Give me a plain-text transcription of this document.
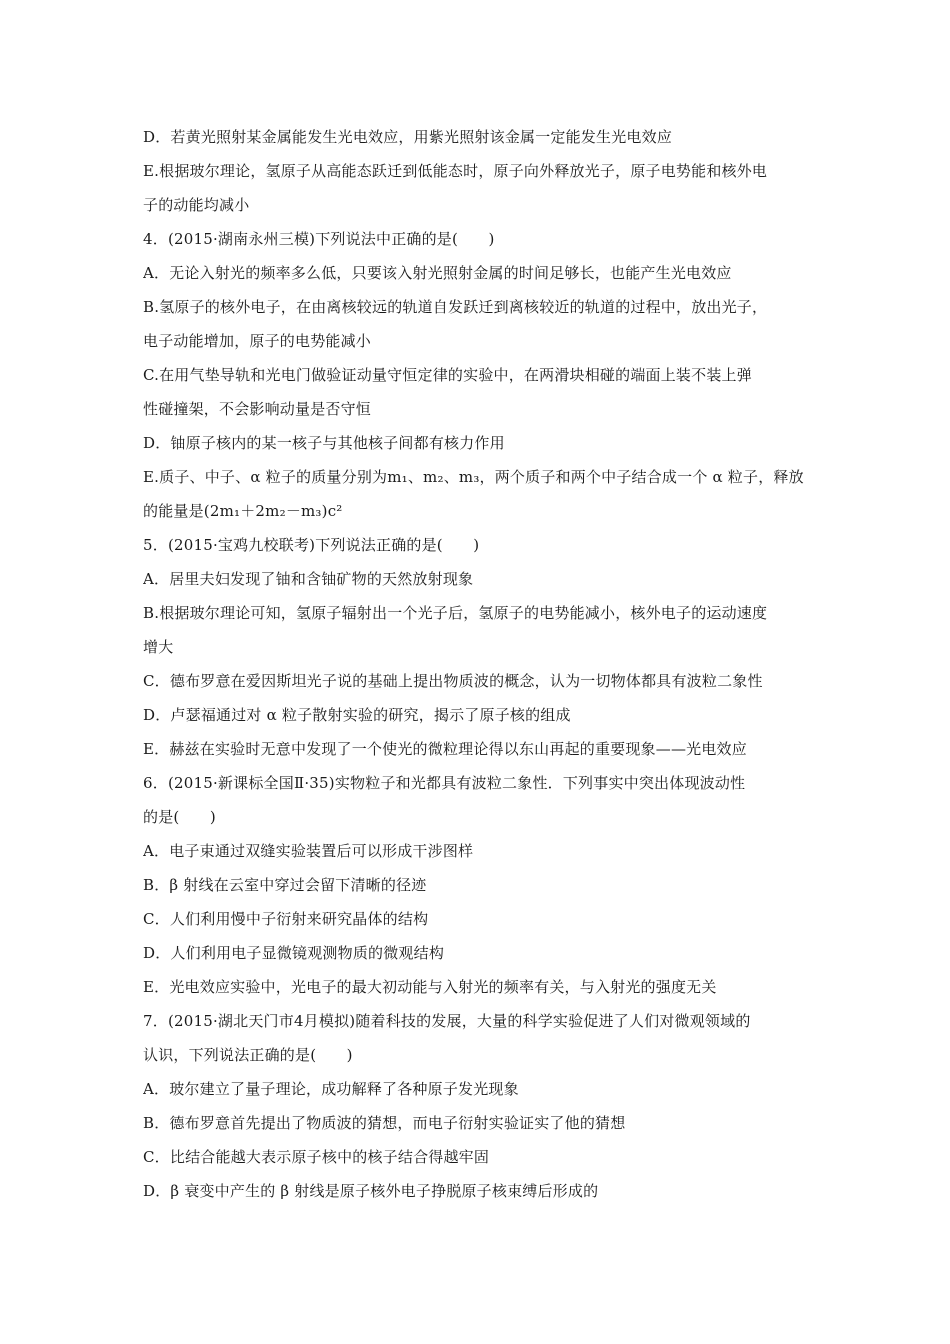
D．若黄光照射某金属能发生光电效应，用紫光照射该金属一定能发生光电效应
E.根据玻尔理论，氢原子从高能态跃迁到低能态时，原子向外释放光子，原子电势能和核外电
子的动能均减小
4．(2015·湖南永州三模)下列说法中正确的是(　　)
A．无论入射光的频率多么低，只要该入射光照射金属的时间足够长，也能产生光电效应
B.氢原子的核外电子，在由离核较远的轨道自发跃迁到离核较近的轨道的过程中，放出光子，
电子动能增加，原子的电势能减小
C.在用气垫导轨和光电门做验证动量守恒定律的实验中，在两滑块相碰的端面上装不装上弹
性碰撞架，不会影响动量是否守恒
D．铀原子核内的某一核子与其他核子间都有核力作用
E.质子、中子、α 粒子的质量分别为m₁、m₂、m₃，两个质子和两个中子结合成一个 α 粒子，释放
的能量是(2m₁＋2m₂－m₃)c²
5．(2015·宝鸡九校联考)下列说法正确的是(　　)
A．居里夫妇发现了铀和含铀矿物的天然放射现象
B.根据玻尔理论可知，氢原子辐射出一个光子后，氢原子的电势能减小，核外电子的运动速度
增大
C．德布罗意在爱因斯坦光子说的基础上提出物质波的概念，认为一切物体都具有波粒二象性
D．卢瑟福通过对 α 粒子散射实验的研究，揭示了原子核的组成
E．赫兹在实验时无意中发现了一个使光的微粒理论得以东山再起的重要现象——光电效应
6．(2015·新课标全国Ⅱ·35)实物粒子和光都具有波粒二象性．下列事实中突出体现波动性
的是(　　)
A．电子束通过双缝实验装置后可以形成干涉图样
B．β 射线在云室中穿过会留下清晰的径迹
C．人们利用慢中子衍射来研究晶体的结构
D．人们利用电子显微镜观测物质的微观结构
E．光电效应实验中，光电子的最大初动能与入射光的频率有关，与入射光的强度无关
7．(2015·湖北天门市4月模拟)随着科技的发展，大量的科学实验促进了人们对微观领域的
认识，下列说法正确的是(　　)
A．玻尔建立了量子理论，成功解释了各种原子发光现象
B．德布罗意首先提出了物质波的猜想，而电子衍射实验证实了他的猜想
C．比结合能越大表示原子核中的核子结合得越牢固
D．β 衰变中产生的 β 射线是原子核外电子挣脱原子核束缚后形成的
